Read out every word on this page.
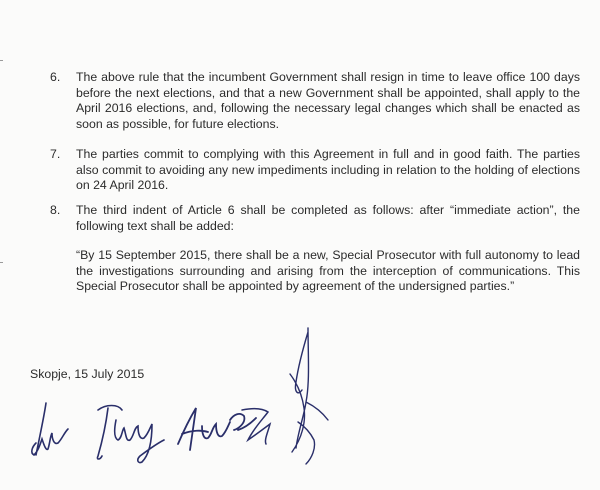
6. The above rule that the incumbent Government shall resign in time to leave office 100 days before the next elections, and that a new Government shall be appointed, shall apply to the April 2016 elections, and, following the necessary legal changes which shall be enacted as soon as possible, for future elections.
7. The parties commit to complying with this Agreement in full and in good faith. The parties also commit to avoiding any new impediments including in relation to the holding of elections on 24 April 2016.
8. The third indent of Article 6 shall be completed as follows: after “immediate action”, the following text shall be added:
“By 15 September 2015, there shall be a new, Special Prosecutor with full autonomy to lead the investigations surrounding and arising from the interception of communications. This Special Prosecutor shall be appointed by agreement of the undersigned parties.”
Skopje, 15 July 2015
